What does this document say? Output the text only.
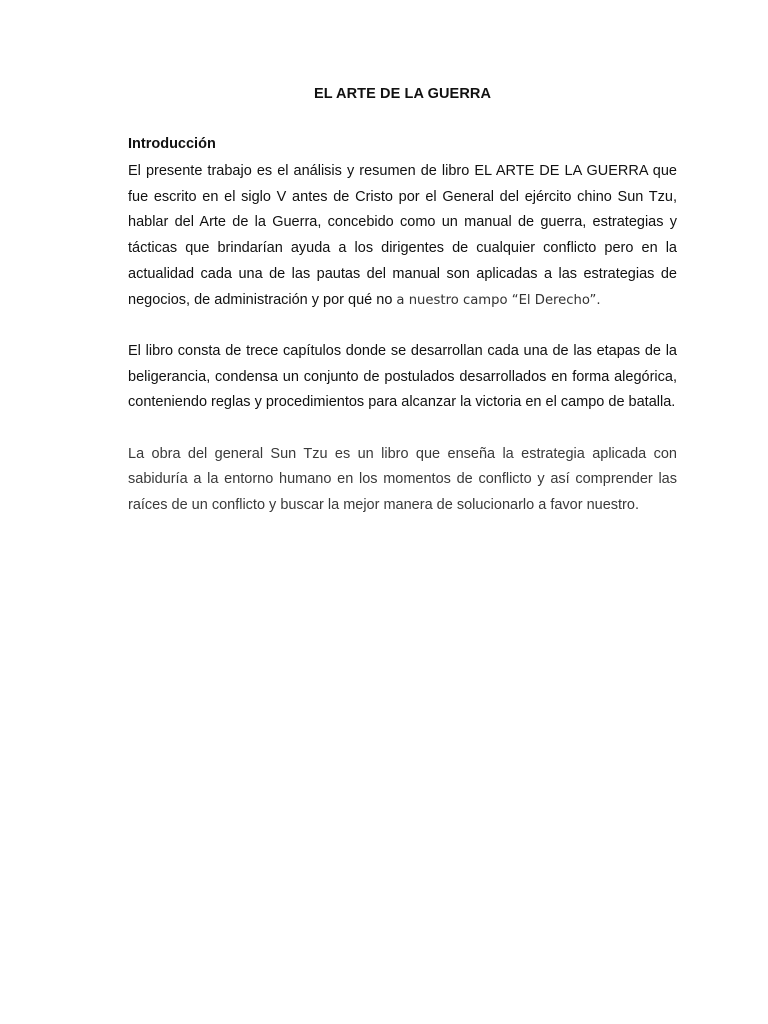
EL ARTE DE LA GUERRA
Introducción

El presente trabajo es el análisis y resumen de libro EL ARTE DE LA GUERRA que fue escrito en el siglo V antes de Cristo por el General del ejército chino Sun Tzu, hablar del Arte de la Guerra, concebido como un manual de guerra, estrategias y tácticas que brindarían ayuda a los dirigentes de cualquier conflicto pero en la actualidad cada una de las pautas del manual son aplicadas a las estrategias de negocios, de administración y por qué no a nuestro campo “El Derecho”.

El libro consta de trece capítulos donde se desarrollan cada una de las etapas de la beligerancia, condensa un conjunto de postulados desarrollados en forma alegórica, conteniendo reglas y procedimientos para alcanzar la victoria en el campo de batalla.

La obra del general Sun Tzu es un libro que enseña la estrategia aplicada con sabiduría a la entorno humano en los momentos de conflicto y así comprender las raíces de un conflicto y buscar la mejor manera de solucionarlo a favor nuestro.
